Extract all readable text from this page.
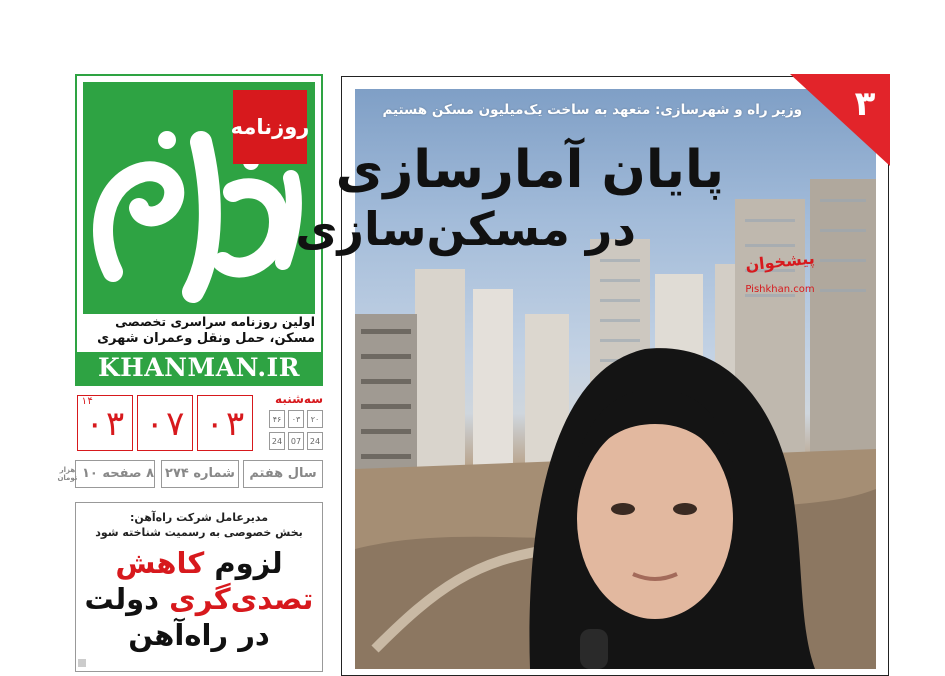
روزنامه
اولین روزنامه سراسری تخصصی
مسکن، حمل ونقل وعمران شهری
KHANMAN.IR
۱۴
۰۳ ۰۷ ۰۳
سه‌شنبه
۲۰
۰۳
۴۶
24
07
24
سال هفتم
شماره ۲۷۴
۸ صفحه ۱۰ هزار
تومان
مدیرعامل شرکت راه‌آهن:
بخش خصوصی به رسمیت شناخته شود
لزوم کاهش
تصدی‌گری دولت
در راه‌آهن
۳
وزیر راه و شهرسازی: متعهد به ساخت یک‌میلیون مسکن هستیم
پایان آمارسازی
در مسکن‌سازی
پیشخوان
Pishkhan.com
